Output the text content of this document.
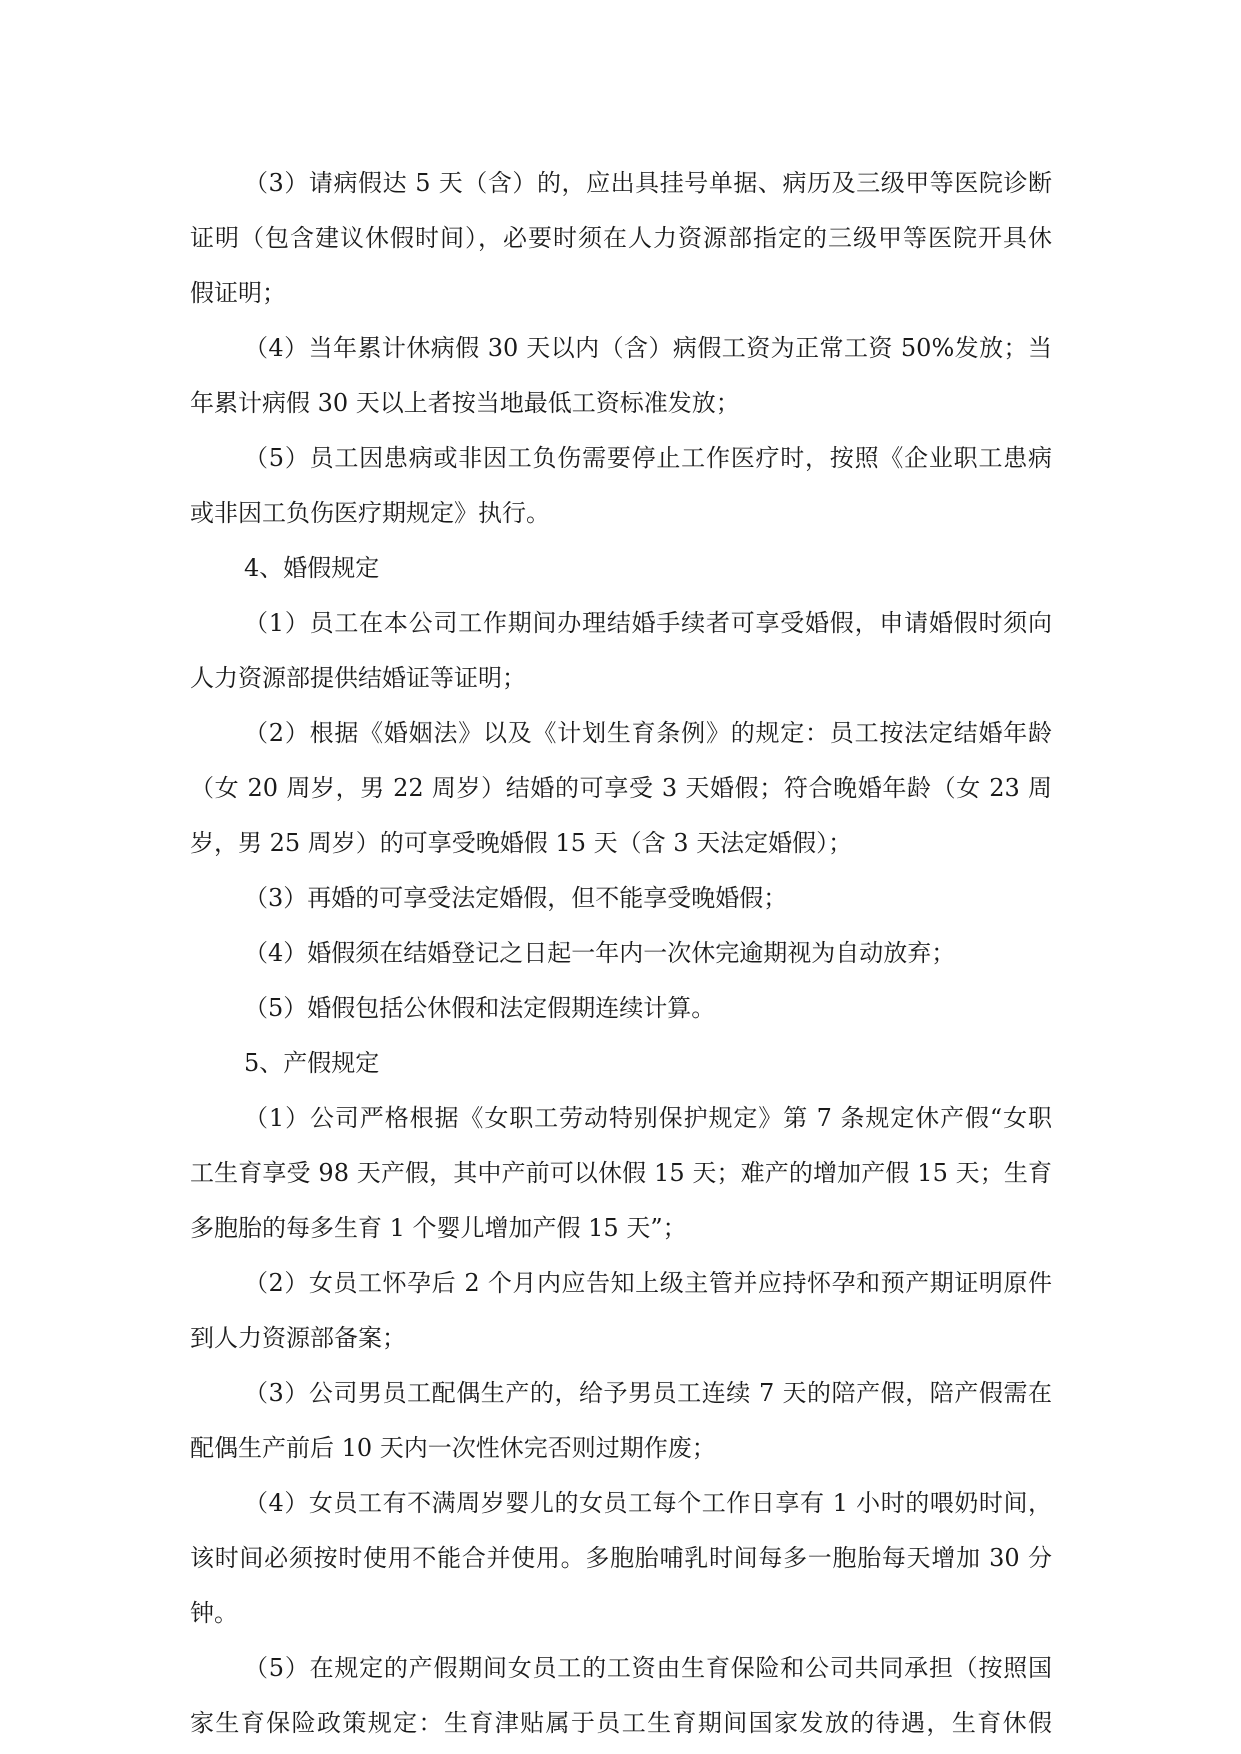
（3）请病假达 5 天（含）的，应出具挂号单据、病历及三级甲等医院诊断
证明（包含建议休假时间），必要时须在人力资源部指定的三级甲等医院开具休
假证明；
（4）当年累计休病假 30 天以内（含）病假工资为正常工资 50%发放；当
年累计病假 30 天以上者按当地最低工资标准发放；
（5）员工因患病或非因工负伤需要停止工作医疗时，按照《企业职工患病
或非因工负伤医疗期规定》执行。
4、婚假规定
（1）员工在本公司工作期间办理结婚手续者可享受婚假，申请婚假时须向
人力资源部提供结婚证等证明；
（2）根据《婚姻法》以及《计划生育条例》的规定：员工按法定结婚年龄
（女 20 周岁，男 22 周岁）结婚的可享受 3 天婚假；符合晚婚年龄（女 23 周
岁，男 25 周岁）的可享受晚婚假 15 天（含 3 天法定婚假）；
（3）再婚的可享受法定婚假，但不能享受晚婚假；
（4）婚假须在结婚登记之日起一年内一次休完逾期视为自动放弃；
（5）婚假包括公休假和法定假期连续计算。
5、产假规定
（1）公司严格根据《女职工劳动特别保护规定》第 7 条规定休产假“女职
工生育享受 98 天产假，其中产前可以休假 15 天；难产的增加产假 15 天；生育
多胞胎的每多生育 1 个婴儿增加产假 15 天”；
（2）女员工怀孕后 2 个月内应告知上级主管并应持怀孕和预产期证明原件
到人力资源部备案；
（3）公司男员工配偶生产的，给予男员工连续 7 天的陪产假，陪产假需在
配偶生产前后 10 天内一次性休完否则过期作废；
（4）女员工有不满周岁婴儿的女员工每个工作日享有 1 小时的喂奶时间，
该时间必须按时使用不能合并使用。多胞胎哺乳时间每多一胞胎每天增加 30 分
钟。
（5）在规定的产假期间女员工的工资由生育保险和公司共同承担（按照国
家生育保险政策规定：生育津贴属于员工生育期间国家发放的待遇，生育休假
